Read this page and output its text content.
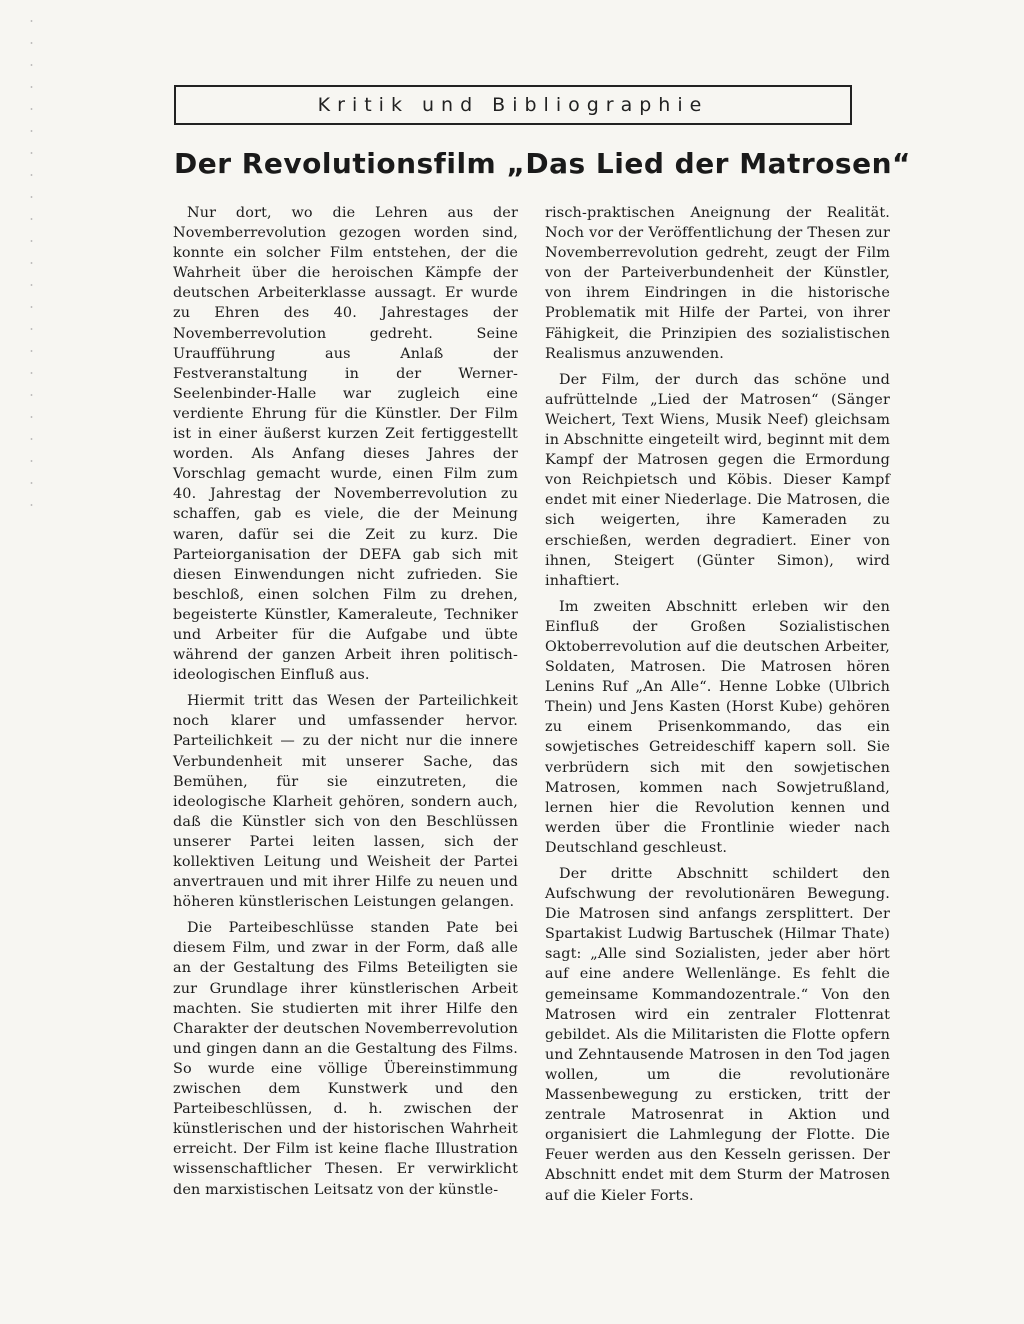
Kritik und Bibliographie
Der Revolutionsfilm „Das Lied der Matrosen“

Nur dort, wo die Lehren aus der Novemberrevolution gezogen worden sind, konnte ein solcher Film entstehen, der die Wahrheit über die heroischen Kämpfe der deutschen Arbeiterklasse aussagt. Er wurde zu Ehren des 40. Jahrestages der Novemberrevolution gedreht. Seine Uraufführung aus Anlaß der Festveranstaltung in der Werner-Seelenbinder-Halle war zugleich eine verdiente Ehrung für die Künstler. Der Film ist in einer äußerst kurzen Zeit fertiggestellt worden. Als Anfang dieses Jahres der Vorschlag gemacht wurde, einen Film zum 40. Jahrestag der Novemberrevolution zu schaffen, gab es viele, die der Meinung waren, dafür sei die Zeit zu kurz. Die Parteiorganisation der DEFA gab sich mit diesen Einwendungen nicht zufrieden. Sie beschloß, einen solchen Film zu drehen, begeisterte Künstler, Kameraleute, Techniker und Arbeiter für die Aufgabe und übte während der ganzen Arbeit ihren politisch-ideologischen Einfluß aus.

Hiermit tritt das Wesen der Parteilichkeit noch klarer und umfassender hervor. Parteilichkeit — zu der nicht nur die innere Verbundenheit mit unserer Sache, das Bemühen, für sie einzutreten, die ideologische Klarheit gehören, sondern auch, daß die Künstler sich von den Beschlüssen unserer Partei leiten lassen, sich der kollektiven Leitung und Weisheit der Partei anvertrauen und mit ihrer Hilfe zu neuen und höheren künstlerischen Leistungen gelangen.

Die Parteibeschlüsse standen Pate bei diesem Film, und zwar in der Form, daß alle an der Gestaltung des Films Beteiligten sie zur Grundlage ihrer künstlerischen Arbeit machten. Sie studierten mit ihrer Hilfe den Charakter der deutschen Novemberrevolution und gingen dann an die Gestaltung des Films. So wurde eine völlige Übereinstimmung zwischen dem Kunstwerk und den Parteibeschlüssen, d. h. zwischen der künstlerischen und der historischen Wahrheit erreicht. Der Film ist keine flache Illustration wissenschaftlicher Thesen. Er verwirklicht den marxistischen Leitsatz von der künstle-

risch-praktischen Aneignung der Realität. Noch vor der Veröffentlichung der Thesen zur Novemberrevolution gedreht, zeugt der Film von der Parteiverbundenheit der Künstler, von ihrem Eindringen in die historische Problematik mit Hilfe der Partei, von ihrer Fähigkeit, die Prinzipien des sozialistischen Realismus anzuwenden.

Der Film, der durch das schöne und aufrüttelnde „Lied der Matrosen“ (Sänger Weichert, Text Wiens, Musik Neef) gleichsam in Abschnitte eingeteilt wird, beginnt mit dem Kampf der Matrosen gegen die Ermordung von Reichpietsch und Köbis. Dieser Kampf endet mit einer Niederlage. Die Matrosen, die sich weigerten, ihre Kameraden zu erschießen, werden degradiert. Einer von ihnen, Steigert (Günter Simon), wird inhaftiert.

Im zweiten Abschnitt erleben wir den Einfluß der Großen Sozialistischen Oktoberrevolution auf die deutschen Arbeiter, Soldaten, Matrosen. Die Matrosen hören Lenins Ruf „An Alle“. Henne Lobke (Ulbrich Thein) und Jens Kasten (Horst Kube) gehören zu einem Prisenkommando, das ein sowjetisches Getreideschiff kapern soll. Sie verbrüdern sich mit den sowjetischen Matrosen, kommen nach Sowjetrußland, lernen hier die Revolution kennen und werden über die Frontlinie wieder nach Deutschland geschleust.

Der dritte Abschnitt schildert den Aufschwung der revolutionären Bewegung. Die Matrosen sind anfangs zersplittert. Der Spartakist Ludwig Bartuschek (Hilmar Thate) sagt: „Alle sind Sozialisten, jeder aber hört auf eine andere Wellenlänge. Es fehlt die gemeinsame Kommandozentrale.“ Von den Matrosen wird ein zentraler Flottenrat gebildet. Als die Militaristen die Flotte opfern und Zehntausende Matrosen in den Tod jagen wollen, um die revolutionäre Massenbewegung zu ersticken, tritt der zentrale Matrosenrat in Aktion und organisiert die Lahmlegung der Flotte. Die Feuer werden aus den Kesseln gerissen. Der Abschnitt endet mit dem Sturm der Matrosen auf die Kieler Forts.
